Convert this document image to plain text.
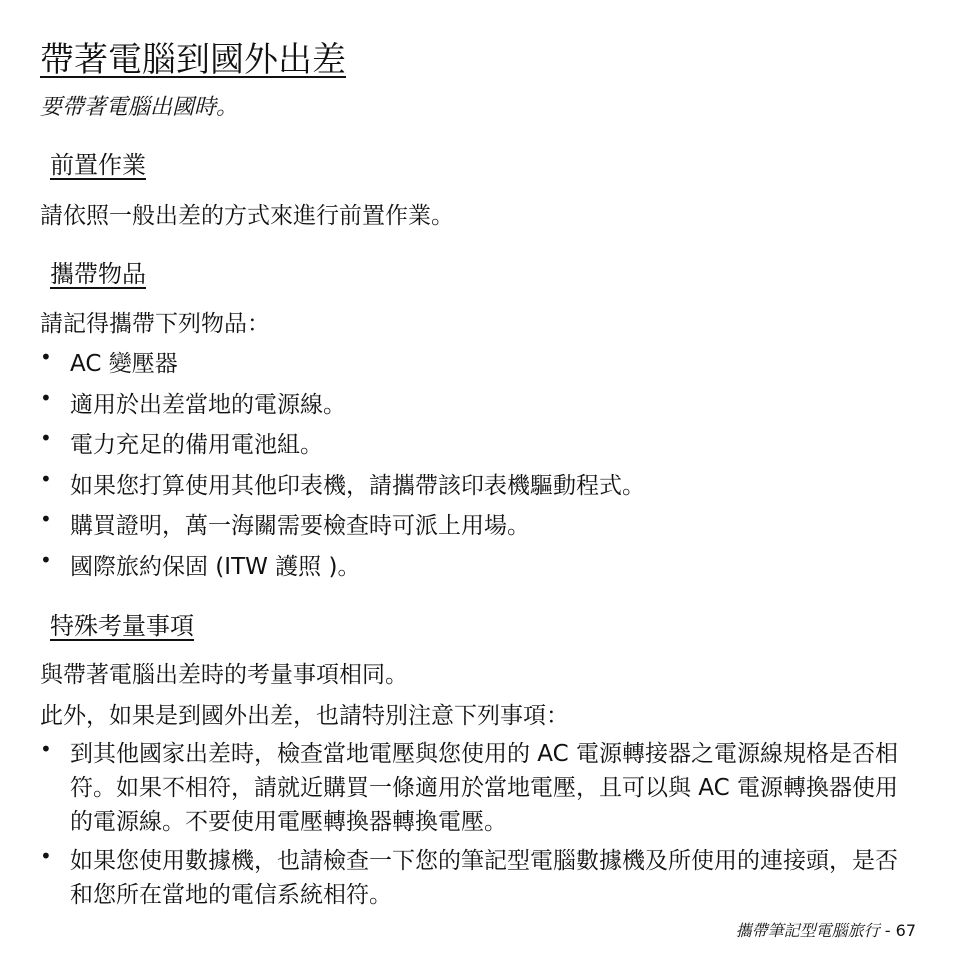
帶著電腦到國外出差

要帶著電腦出國時。

前置作業

請依照一般出差的方式來進行前置作業。

攜帶物品

請記得攜帶下列物品：

• AC 變壓器
• 適用於出差當地的電源線。
• 電力充足的備用電池組。
• 如果您打算使用其他印表機，請攜帶該印表機驅動程式。
• 購買證明，萬一海關需要檢查時可派上用場。
• 國際旅約保固 (ITW 護照 )。
特殊考量事項

與帶著電腦出差時的考量事項相同。

此外，如果是到國外出差，也請特別注意下列事項：

• 到其他國家出差時，檢查當地電壓與您使用的 AC 電源轉接器之電源線規格是否相符。如果不相符，請就近購買一條適用於當地電壓，且可以與 AC 電源轉換器使用的電源線。不要使用電壓轉換器轉換電壓。
• 如果您使用數據機，也請檢查一下您的筆記型電腦數據機及所使用的連接頭，是否和您所在當地的電信系統相符。

攜帶筆記型電腦旅行 - 67
